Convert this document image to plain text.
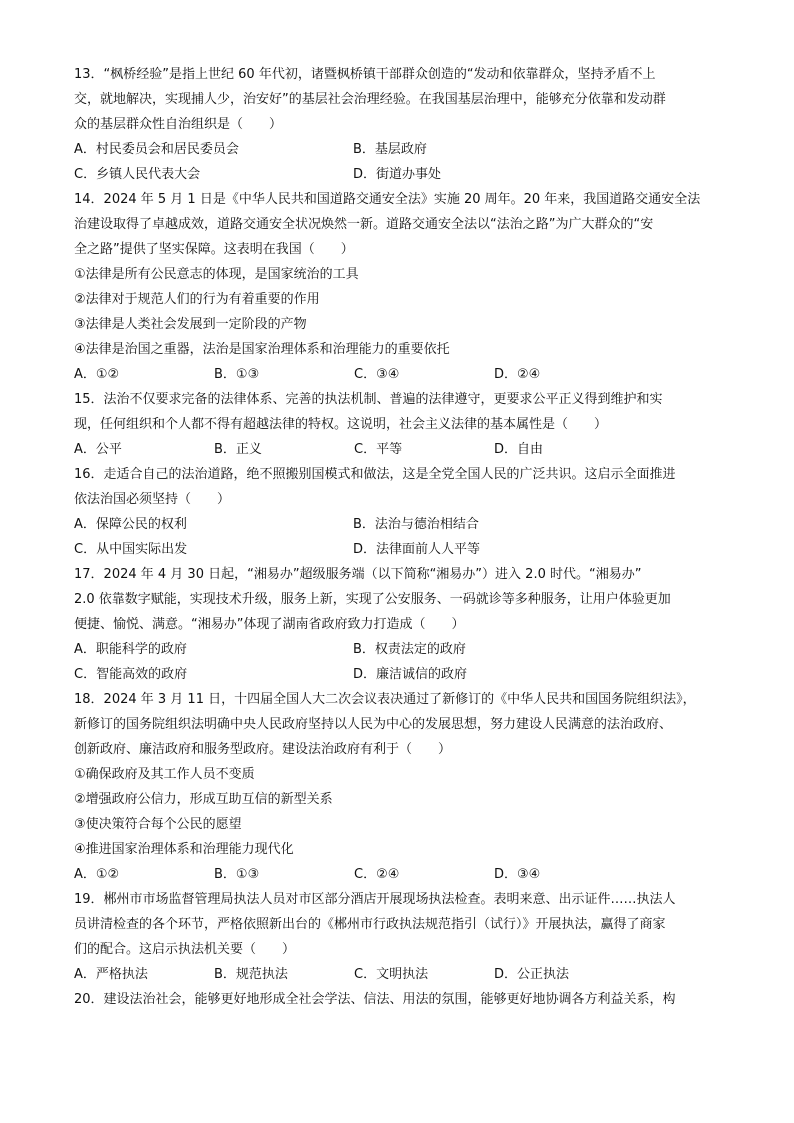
13．“枫桥经验”是指上世纪 60 年代初，诸暨枫桥镇干部群众创造的“发动和依靠群众，坚持矛盾不上
交，就地解决，实现捕人少，治安好”的基层社会治理经验。在我国基层治理中，能够充分依靠和发动群
众的基层群众性自治组织是（　　）
A．村民委员会和居民委员会	B．基层政府
C．乡镇人民代表大会	D．街道办事处
14．2024 年 5 月 1 日是《中华人民共和国道路交通安全法》实施 20 周年。20 年来，我国道路交通安全法
治建设取得了卓越成效，道路交通安全状况焕然一新。道路交通安全法以“法治之路”为广大群众的“安
全之路”提供了坚实保障。这表明在我国（　　）
①法律是所有公民意志的体现，是国家统治的工具
②法律对于规范人们的行为有着重要的作用
③法律是人类社会发展到一定阶段的产物
④法律是治国之重器，法治是国家治理体系和治理能力的重要依托
A．①②	B．①③	C．③④	D．②④
15．法治不仅要求完备的法律体系、完善的执法机制、普遍的法律遵守，更要求公平正义得到维护和实
现，任何组织和个人都不得有超越法律的特权。这说明，社会主义法律的基本属性是（　　）
A．公平	B．正义	C．平等	D．自由
16．走适合自己的法治道路，绝不照搬别国模式和做法，这是全党全国人民的广泛共识。这启示全面推进
依法治国必须坚持（　　）
A．保障公民的权利	B．法治与德治相结合
C．从中国实际出发	D．法律面前人人平等
17．2024 年 4 月 30 日起，“湘易办”超级服务端（以下简称“湘易办”）进入 2.0 时代。“湘易办”
2.0 依靠数字赋能，实现技术升级，服务上新，实现了公安服务、一码就诊等多种服务，让用户体验更加
便捷、愉悦、满意。“湘易办”体现了湖南省政府致力打造成（　　）
A．职能科学的政府	B．权责法定的政府
C．智能高效的政府	D．廉洁诚信的政府
18．2024 年 3 月 11 日，十四届全国人大二次会议表决通过了新修订的《中华人民共和国国务院组织法》，
新修订的国务院组织法明确中央人民政府坚持以人民为中心的发展思想，努力建设人民满意的法治政府、
创新政府、廉洁政府和服务型政府。建设法治政府有利于（　　）
①确保政府及其工作人员不变质
②增强政府公信力，形成互助互信的新型关系
③使决策符合每个公民的愿望
④推进国家治理体系和治理能力现代化
A．①②	B．①③	C．②④	D．③④
19．郴州市市场监督管理局执法人员对市区部分酒店开展现场执法检查。表明来意、出示证件……执法人
员讲清检查的各个环节，严格依照新出台的《郴州市行政执法规范指引（试行）》开展执法，赢得了商家
们的配合。这启示执法机关要（　　）
A．严格执法	B．规范执法	C．文明执法	D．公正执法
20．建设法治社会，能够更好地形成全社会学法、信法、用法的氛围，能够更好地协调各方利益关系，构
